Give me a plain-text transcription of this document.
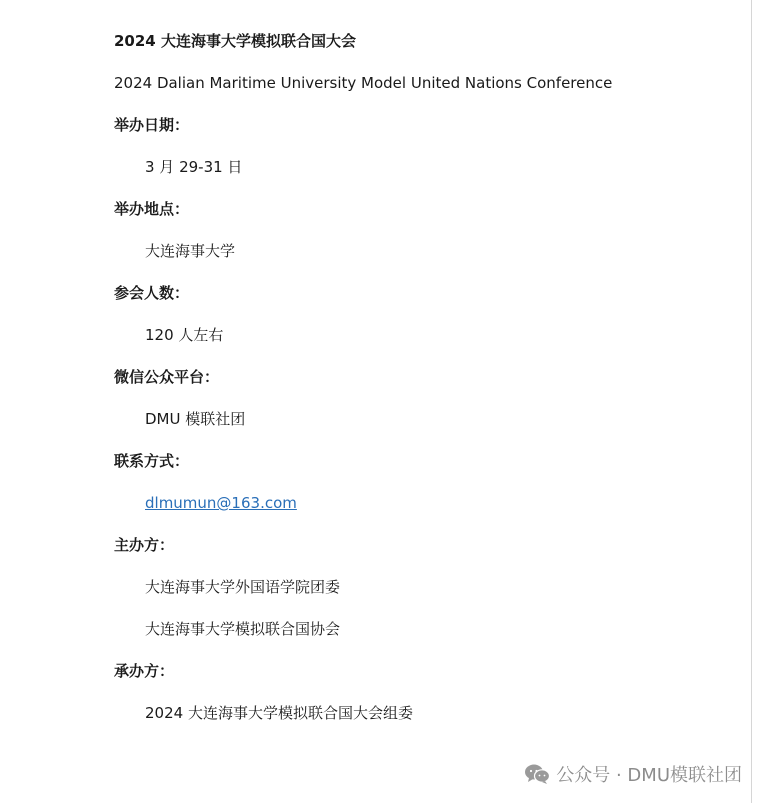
2024 大连海事大学模拟联合国大会
2024 Dalian Maritime University Model United Nations Conference
举办日期：
3 月 29-31 日
举办地点：
大连海事大学
参会人数：
120 人左右
微信公众平台：
DMU 模联社团
联系方式：
dlmumun@163.com
主办方：
大连海事大学外国语学院团委
大连海事大学模拟联合国协会
承办方：
2024 大连海事大学模拟联合国大会组委
公众号 · DMU模联社团
